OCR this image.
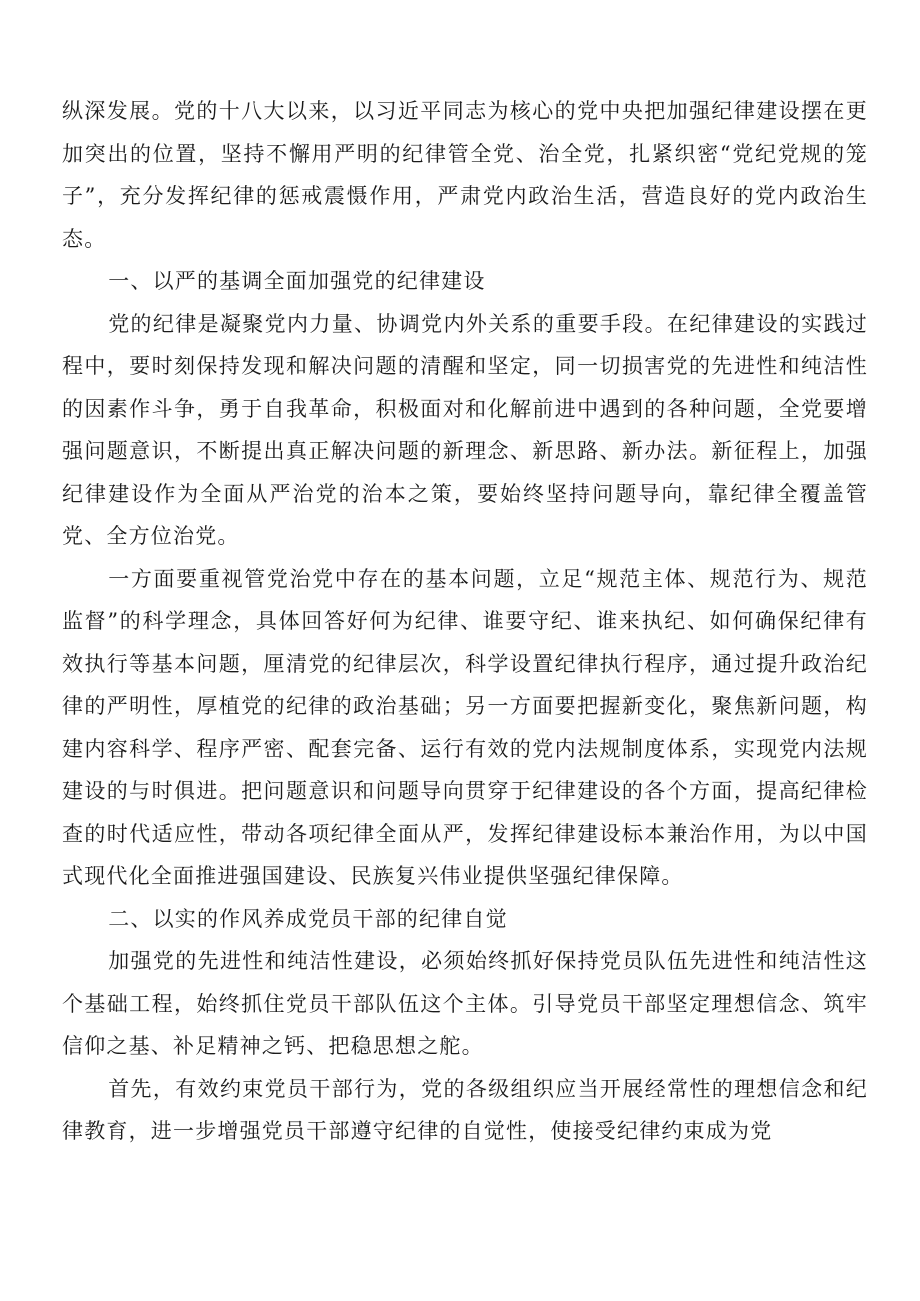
纵深发展。党的十八大以来，以习近平同志为核心的党中央把加强纪律建设摆在更加突出的位置，坚持不懈用严明的纪律管全党、治全党，扎紧织密“党纪党规的笼子”，充分发挥纪律的惩戒震慑作用，严肃党内政治生活，营造良好的党内政治生态。

一、以严的基调全面加强党的纪律建设

党的纪律是凝聚党内力量、协调党内外关系的重要手段。在纪律建设的实践过程中，要时刻保持发现和解决问题的清醒和坚定，同一切损害党的先进性和纯洁性的因素作斗争，勇于自我革命，积极面对和化解前进中遇到的各种问题，全党要增强问题意识，不断提出真正解决问题的新理念、新思路、新办法。新征程上，加强纪律建设作为全面从严治党的治本之策，要始终坚持问题导向，靠纪律全覆盖管党、全方位治党。

一方面要重视管党治党中存在的基本问题，立足“规范主体、规范行为、规范监督”的科学理念，具体回答好何为纪律、谁要守纪、谁来执纪、如何确保纪律有效执行等基本问题，厘清党的纪律层次，科学设置纪律执行程序，通过提升政治纪律的严明性，厚植党的纪律的政治基础；另一方面要把握新变化，聚焦新问题，构建内容科学、程序严密、配套完备、运行有效的党内法规制度体系，实现党内法规建设的与时俱进。把问题意识和问题导向贯穿于纪律建设的各个方面，提高纪律检查的时代适应性，带动各项纪律全面从严，发挥纪律建设标本兼治作用，为以中国式现代化全面推进强国建设、民族复兴伟业提供坚强纪律保障。

二、以实的作风养成党员干部的纪律自觉

加强党的先进性和纯洁性建设，必须始终抓好保持党员队伍先进性和纯洁性这个基础工程，始终抓住党员干部队伍这个主体。引导党员干部坚定理想信念、筑牢信仰之基、补足精神之钙、把稳思想之舵。

首先，有效约束党员干部行为，党的各级组织应当开展经常性的理想信念和纪律教育，进一步增强党员干部遵守纪律的自觉性，使接受纪律约束成为党
